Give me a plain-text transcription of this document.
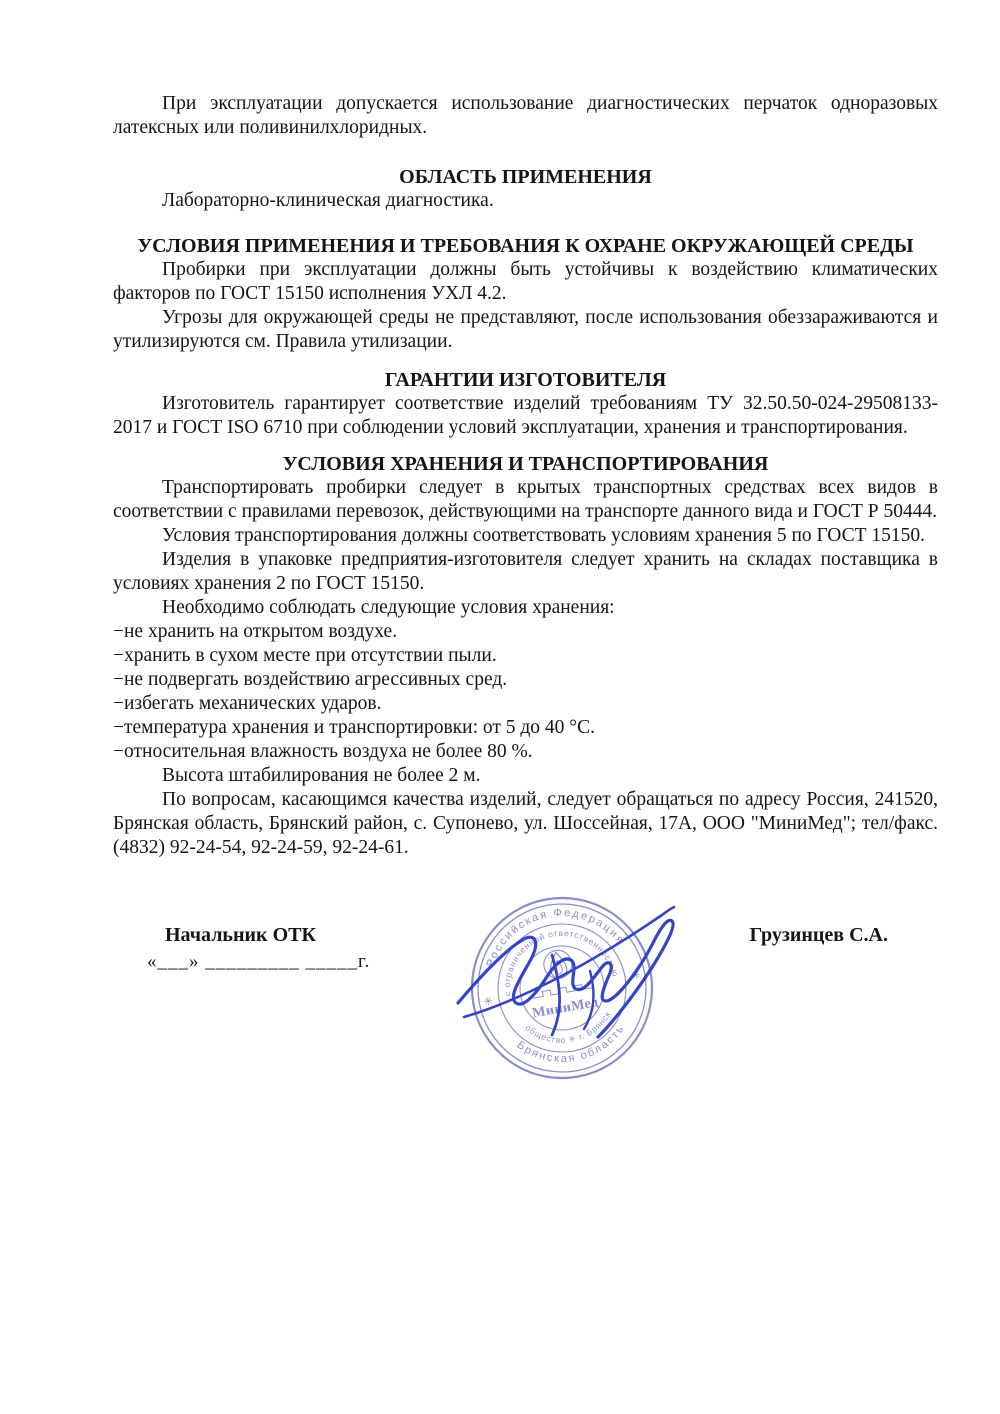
При эксплуатации допускается использование диагностических перчаток одноразовых латексных или поливинилхлоридных.

ОБЛАСТЬ ПРИМЕНЕНИЯ

Лабораторно-клиническая диагностика.

УСЛОВИЯ ПРИМЕНЕНИЯ И ТРЕБОВАНИЯ К ОХРАНЕ ОКРУЖАЮЩЕЙ СРЕДЫ

Пробирки при эксплуатации должны быть устойчивы к воздействию климатических факторов по ГОСТ 15150 исполнения УХЛ 4.2.

Угрозы для окружающей среды не представляют, после использования обеззараживаются и утилизируются см. Правила утилизации.

ГАРАНТИИ ИЗГОТОВИТЕЛЯ

Изготовитель гарантирует соответствие изделий требованиям ТУ 32.50.50-024-29508133-2017 и ГОСТ ISO 6710 при соблюдении условий эксплуатации, хранения и транспортирования.

УСЛОВИЯ ХРАНЕНИЯ И ТРАНСПОРТИРОВАНИЯ

Транспортировать пробирки следует в крытых транспортных средствах всех видов в соответствии с правилами перевозок, действующими на транспорте данного вида и ГОСТ Р 50444.

Условия транспортирования должны соответствовать условиям хранения 5 по ГОСТ 15150.

Изделия в упаковке предприятия-изготовителя следует хранить на складах поставщика в условиях хранения 2 по ГОСТ 15150.

Необходимо соблюдать следующие условия хранения:

−не хранить на открытом воздухе.

−хранить в сухом месте при отсутствии пыли.

−не подвергать воздействию агрессивных сред.

−избегать механических ударов.

−температура хранения и транспортировки: от 5 до 40 °С.

−относительная влажность воздуха не более 80 %.

Высота штабилирования не более 2 м.

По вопросам, касающимся качества изделий, следует обращаться по адресу Россия, 241520, Брянская область, Брянский район, с. Супонево, ул. Шоссейная, 17А, ООО "МиниМед"; тел/факс. (4832) 92-24-54, 92-24-59, 92-24-61.

Начальник ОТК
«___» _________ _____г.
Грузинцев С.А.
Российская Федерация
Брянская область
с ограниченной ответственностью
общество ✳ г. Брянск
✳
✳
МиниМед
